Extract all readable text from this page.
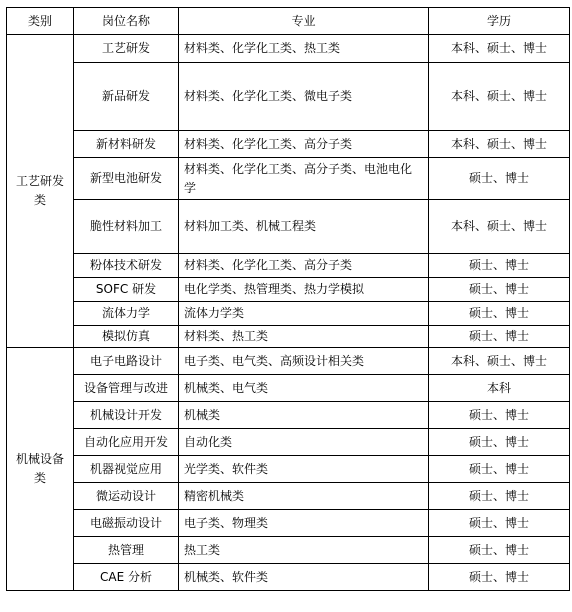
类别	岗位名称	专业	学历
工艺研发类	工艺研发	材料类、化学化工类、热工类	本科、硕士、博士
	新品研发	材料类、化学化工类、微电子类	本科、硕士、博士
	新材料研发	材料类、化学化工类、高分子类	本科、硕士、博士
	新型电池研发	材料类、化学化工类、高分子类、电池电化学	硕士、博士
	脆性材料加工	材料加工类、机械工程类	本科、硕士、博士
	粉体技术研发	材料类、化学化工类、高分子类	硕士、博士
	SOFC 研发	电化学类、热管理类、热力学模拟	硕士、博士
	流体力学	流体力学类	硕士、博士
	模拟仿真	材料类、热工类	硕士、博士
机械设备类	电子电路设计	电子类、电气类、高频设计相关类	本科、硕士、博士
	设备管理与改进	机械类、电气类	本科
	机械设计开发	机械类	硕士、博士
	自动化应用开发	自动化类	硕士、博士
	机器视觉应用	光学类、软件类	硕士、博士
	微运动设计	精密机械类	硕士、博士
	电磁振动设计	电子类、物理类	硕士、博士
	热管理	热工类	硕士、博士
	CAE 分析	机械类、软件类	硕士、博士
